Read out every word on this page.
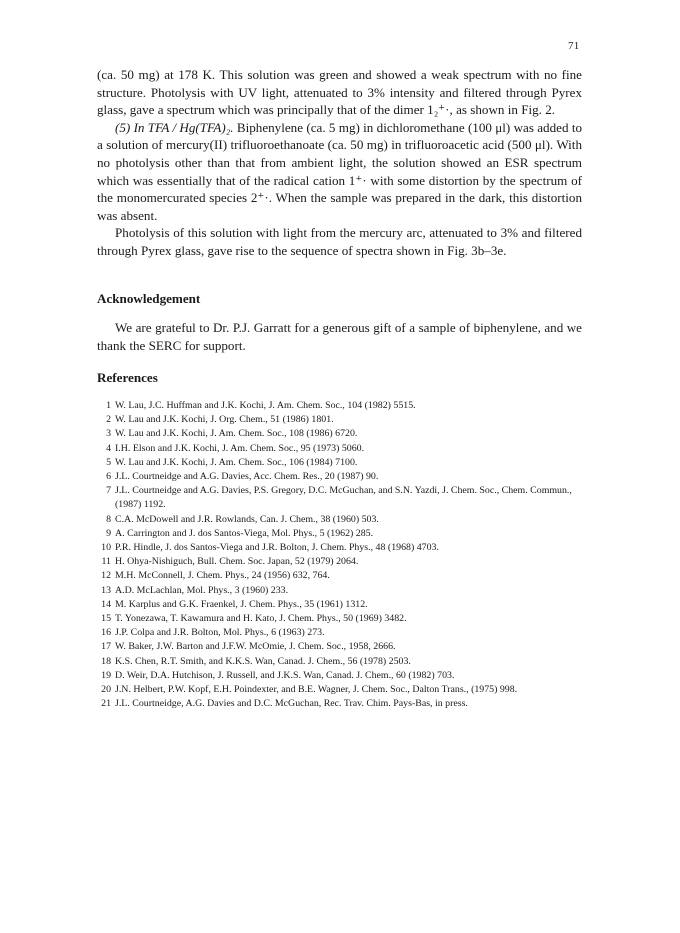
71

(ca. 50 mg) at 178 K. This solution was green and showed a weak spectrum with no fine structure. Photolysis with UV light, attenuated to 3% intensity and filtered through Pyrex glass, gave a spectrum which was principally that of the dimer 1₂⁺·, as shown in Fig. 2.

(5) In TFA / Hg(TFA)₂. Biphenylene (ca. 5 mg) in dichloromethane (100 μl) was added to a solution of mercury(II) trifluoroethanoate (ca. 50 mg) in trifluoroacetic acid (500 μl). With no photolysis other than that from ambient light, the solution showed an ESR spectrum which was essentially that of the radical cation 1⁺· with some distortion by the spectrum of the monomercurated species 2⁺·. When the sample was prepared in the dark, this distortion was absent.

Photolysis of this solution with light from the mercury arc, attenuated to 3% and filtered through Pyrex glass, gave rise to the sequence of spectra shown in Fig. 3b–3e.

Acknowledgement

We are grateful to Dr. P.J. Garratt for a generous gift of a sample of biphenylene, and we thank the SERC for support.

References
1 W. Lau, J.C. Huffman and J.K. Kochi, J. Am. Chem. Soc., 104 (1982) 5515.
2 W. Lau and J.K. Kochi, J. Org. Chem., 51 (1986) 1801.
3 W. Lau and J.K. Kochi, J. Am. Chem. Soc., 108 (1986) 6720.
4 I.H. Elson and J.K. Kochi, J. Am. Chem. Soc., 95 (1973) 5060.
5 W. Lau and J.K. Kochi, J. Am. Chem. Soc., 106 (1984) 7100.
6 J.L. Courtneidge and A.G. Davies, Acc. Chem. Res., 20 (1987) 90.
7 J.L. Courtneidge and A.G. Davies, P.S. Gregory, D.C. McGuchan, and S.N. Yazdi, J. Chem. Soc., Chem. Commun., (1987) 1192.
8 C.A. McDowell and J.R. Rowlands, Can. J. Chem., 38 (1960) 503.
9 A. Carrington and J. dos Santos-Viega, Mol. Phys., 5 (1962) 285.
10 P.R. Hindle, J. dos Santos-Viega and J.R. Bolton, J. Chem. Phys., 48 (1968) 4703.
11 H. Ohya-Nishiguch, Bull. Chem. Soc. Japan, 52 (1979) 2064.
12 M.H. McConnell, J. Chem. Phys., 24 (1956) 632, 764.
13 A.D. McLachlan, Mol. Phys., 3 (1960) 233.
14 M. Karplus and G.K. Fraenkel, J. Chem. Phys., 35 (1961) 1312.
15 T. Yonezawa, T. Kawamura and H. Kato, J. Chem. Phys., 50 (1969) 3482.
16 J.P. Colpa and J.R. Bolton, Mol. Phys., 6 (1963) 273.
17 W. Baker, J.W. Barton and J.F.W. McOmie, J. Chem. Soc., 1958, 2666.
18 K.S. Chen, R.T. Smith, and K.K.S. Wan, Canad. J. Chem., 56 (1978) 2503.
19 D. Weir, D.A. Hutchison, J. Russell, and J.K.S. Wan, Canad. J. Chem., 60 (1982) 703.
20 J.N. Helbert, P.W. Kopf, E.H. Poindexter, and B.E. Wagner, J. Chem. Soc., Dalton Trans., (1975) 998.
21 J.L. Courtneidge, A.G. Davies and D.C. McGuchan, Rec. Trav. Chim. Pays-Bas, in press.
